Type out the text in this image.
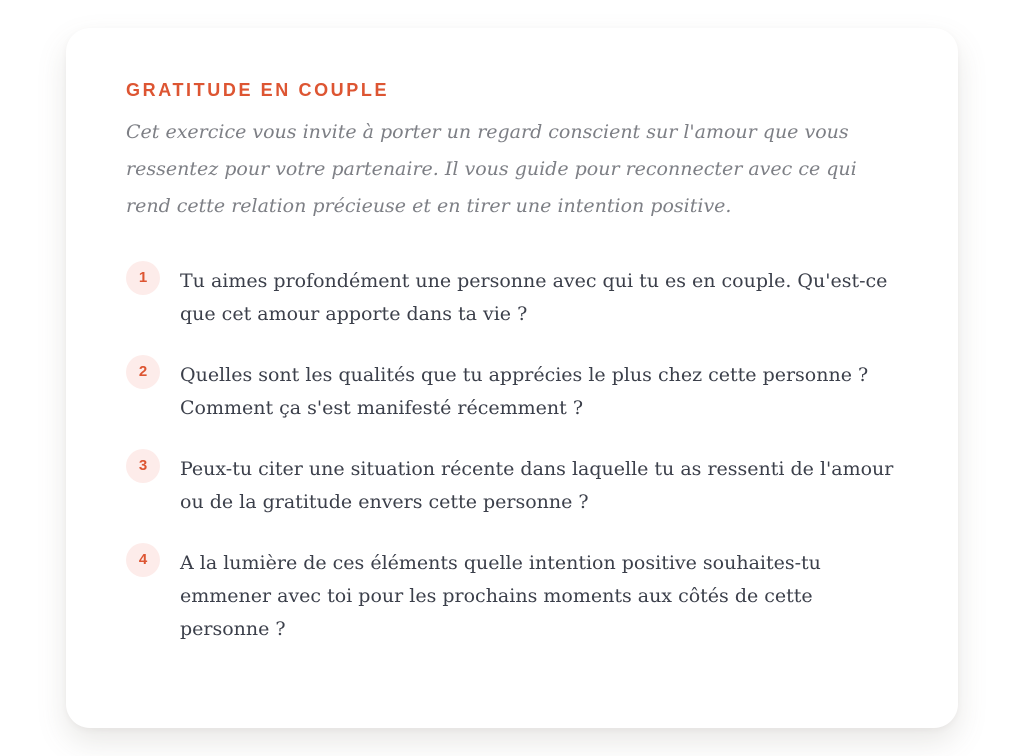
GRATITUDE EN COUPLE

Cet exercice vous invite à porter un regard conscient sur l'amour que vous ressentez pour votre partenaire. Il vous guide pour reconnecter avec ce qui rend cette relation précieuse et en tirer une intention positive.

1	Tu aimes profondément une personne avec qui tu es en couple. Qu'est-ce que cet amour apporte dans ta vie ?

2	Quelles sont les qualités que tu apprécies le plus chez cette personne ? Comment ça s'est manifesté récemment ?

3	Peux-tu citer une situation récente dans laquelle tu as ressenti de l'amour ou de la gratitude envers cette personne ?

4	A la lumière de ces éléments quelle intention positive souhaites-tu emmener avec toi pour les prochains moments aux côtés de cette personne ?
